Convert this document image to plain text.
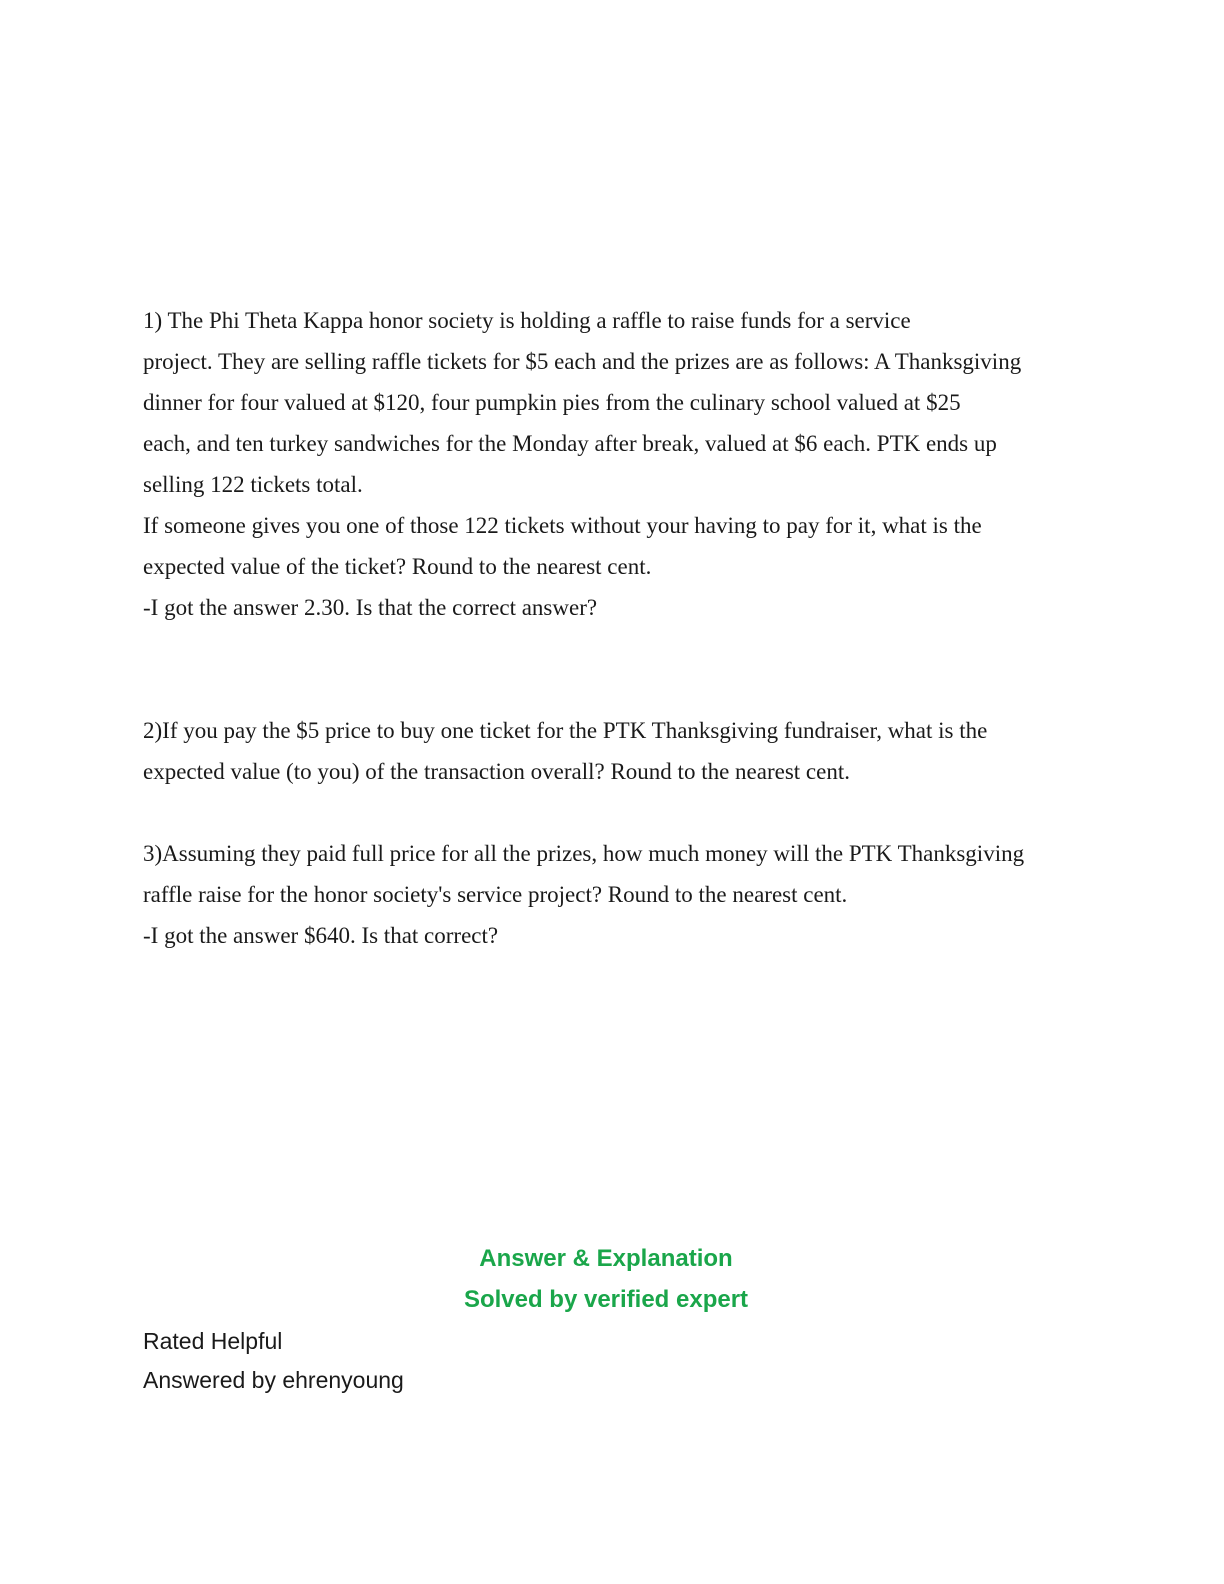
1) The Phi Theta Kappa honor society is holding a raffle to raise funds for a service
project. They are selling raffle tickets for $5 each and the prizes are as follows: A Thanksgiving
dinner for four valued at $120, four pumpkin pies from the culinary school valued at $25
each, and ten turkey sandwiches for the Monday after break, valued at $6 each. PTK ends up
selling 122 tickets total.
If someone gives you one of those 122 tickets without your having to pay for it, what is the
expected value of the ticket? Round to the nearest cent.
-I got the answer 2.30. Is that the correct answer?
2)If you pay the $5 price to buy one ticket for the PTK Thanksgiving fundraiser, what is the
expected value (to you) of the transaction overall? Round to the nearest cent.
3)Assuming they paid full price for all the prizes, how much money will the PTK Thanksgiving
raffle raise for the honor society's service project? Round to the nearest cent.
-I got the answer $640. Is that correct?
Answer & Explanation
Solved by verified expert
Rated Helpful
Answered by ehrenyoung
